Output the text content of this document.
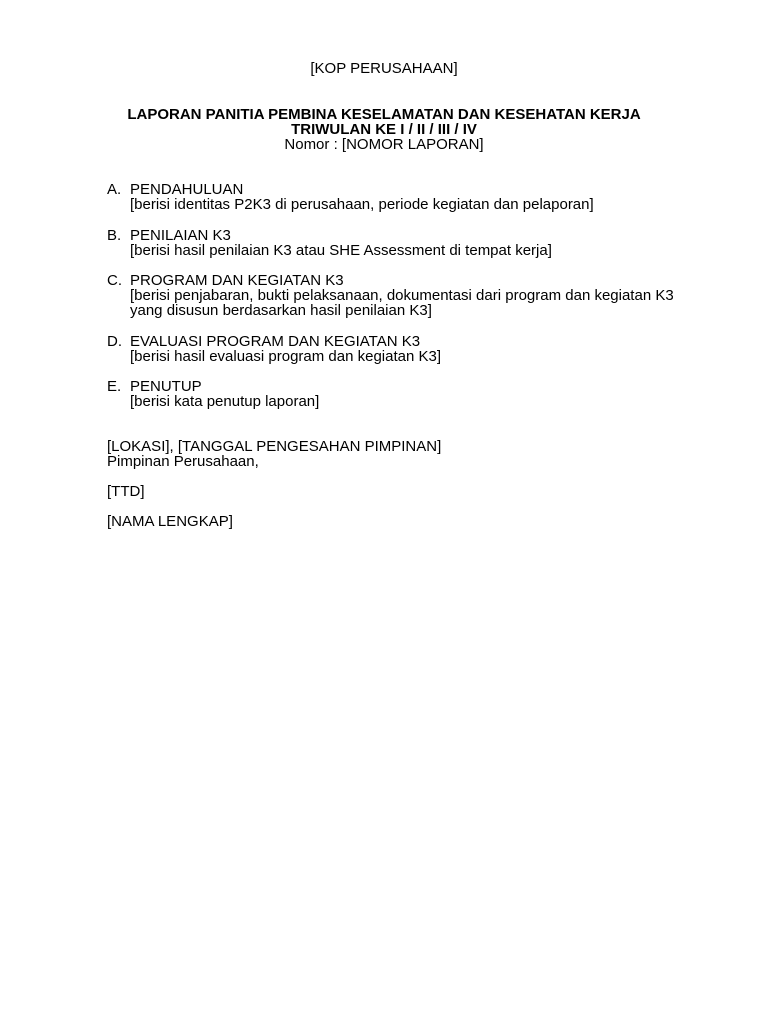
[KOP PERUSAHAAN]
LAPORAN PANITIA PEMBINA KESELAMATAN DAN KESEHATAN KERJA
TRIWULAN KE I / II / III / IV
Nomor : [NOMOR LAPORAN]
A. PENDAHULUAN
[berisi identitas P2K3 di perusahaan, periode kegiatan dan pelaporan]
B. PENILAIAN K3
[berisi hasil penilaian K3 atau SHE Assessment di tempat kerja]
C. PROGRAM DAN KEGIATAN K3
[berisi penjabaran, bukti pelaksanaan, dokumentasi dari program dan kegiatan K3 yang disusun berdasarkan hasil penilaian K3]
D. EVALUASI PROGRAM DAN KEGIATAN K3
[berisi hasil evaluasi program dan kegiatan K3]
E. PENUTUP
[berisi kata penutup laporan]
[LOKASI], [TANGGAL PENGESAHAN PIMPINAN]
Pimpinan Perusahaan,
[TTD]
[NAMA LENGKAP]
